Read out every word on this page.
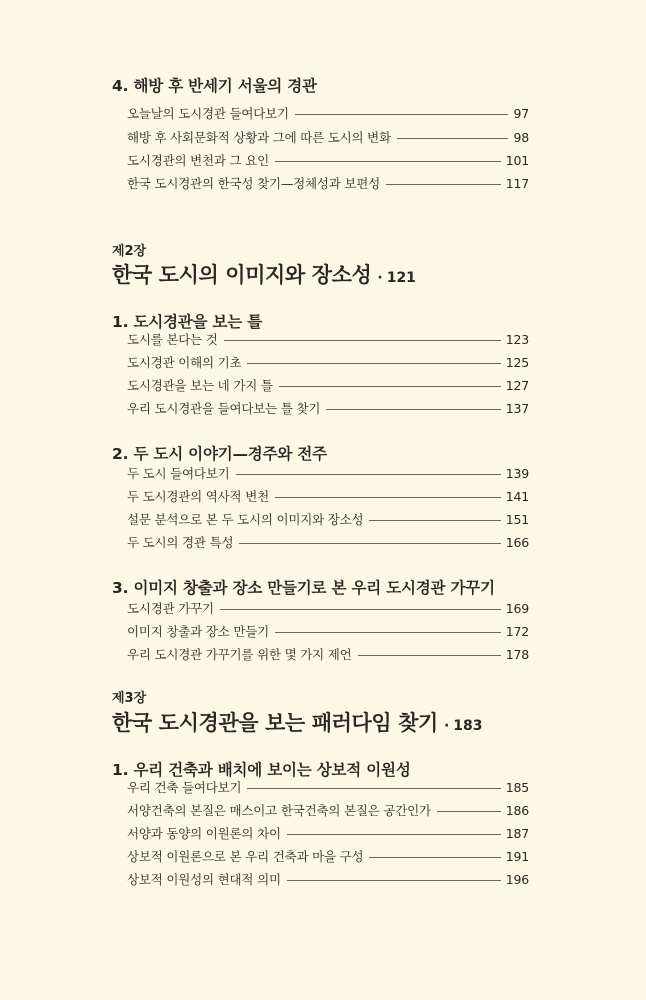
4. 해방 후 반세기 서울의 경관
오늘날의 도시경관 들여다보기	97
해방 후 사회문화적 상황과 그에 따른 도시의 변화	98
도시경관의 변천과 그 요인	101
한국 도시경관의 한국성 찾기—정체성과 보편성	117
제2장
한국 도시의 이미지와 장소성 · 121
1. 도시경관을 보는 틀
도시를 본다는 것	123
도시경관 이해의 기초	125
도시경관을 보는 네 가지 틀	127
우리 도시경관을 들여다보는 틀 찾기	137
2. 두 도시 이야기—경주와 전주
두 도시 들여다보기	139
두 도시경관의 역사적 변천	141
설문 분석으로 본 두 도시의 이미지와 장소성	151
두 도시의 경관 특성	166
3. 이미지 창출과 장소 만들기로 본 우리 도시경관 가꾸기
도시경관 가꾸기	169
이미지 창출과 장소 만들기	172
우리 도시경관 가꾸기를 위한 몇 가지 제언	178
제3장
한국 도시경관을 보는 패러다임 찾기 · 183
1. 우리 건축과 배치에 보이는 상보적 이원성
우리 건축 들여다보기	185
서양건축의 본질은 매스이고 한국건축의 본질은 공간인가	186
서양과 동양의 이원론의 차이	187
상보적 이원론으로 본 우리 건축과 마을 구성	191
상보적 이원성의 현대적 의미	196
